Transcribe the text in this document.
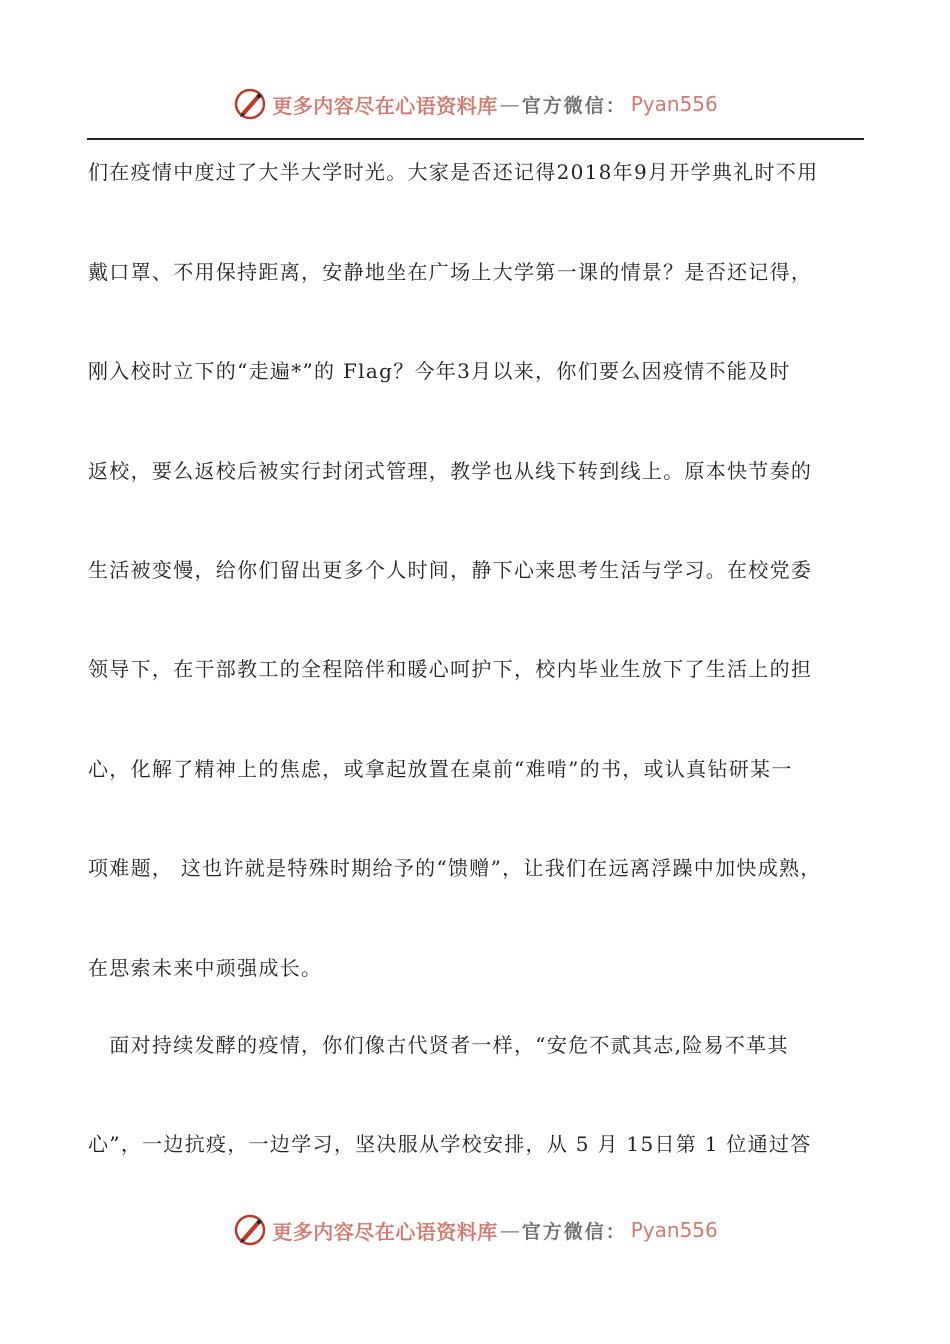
更多内容尽在心语资料库 — 官方微信： Pyan556
们在疫情中度过了大半大学时光。大家是否还记得2018年9月开学典礼时不用
戴口罩、不用保持距离，安静地坐在广场上大学第一课的情景？是否还记得，
刚入校时立下的“走遍*”的 Flag？今年3月以来，你们要么因疫情不能及时
返校，要么返校后被实行封闭式管理，教学也从线下转到线上。原本快节奏的
生活被变慢，给你们留出更多个人时间，静下心来思考生活与学习。在校党委
领导下，在干部教工的全程陪伴和暖心呵护下，校内毕业生放下了生活上的担
心，化解了精神上的焦虑，或拿起放置在桌前“难啃”的书，或认真钻研某一
项难题， 这也许就是特殊时期给予的“馈赠”，让我们在远离浮躁中加快成熟，
在思索未来中顽强成长。
　面对持续发酵的疫情，你们像古代贤者一样，“安危不贰其志,险易不革其
心”，一边抗疫，一边学习，坚决服从学校安排，从 5 月 15日第 1 位通过答
更多内容尽在心语资料库 — 官方微信： Pyan556
